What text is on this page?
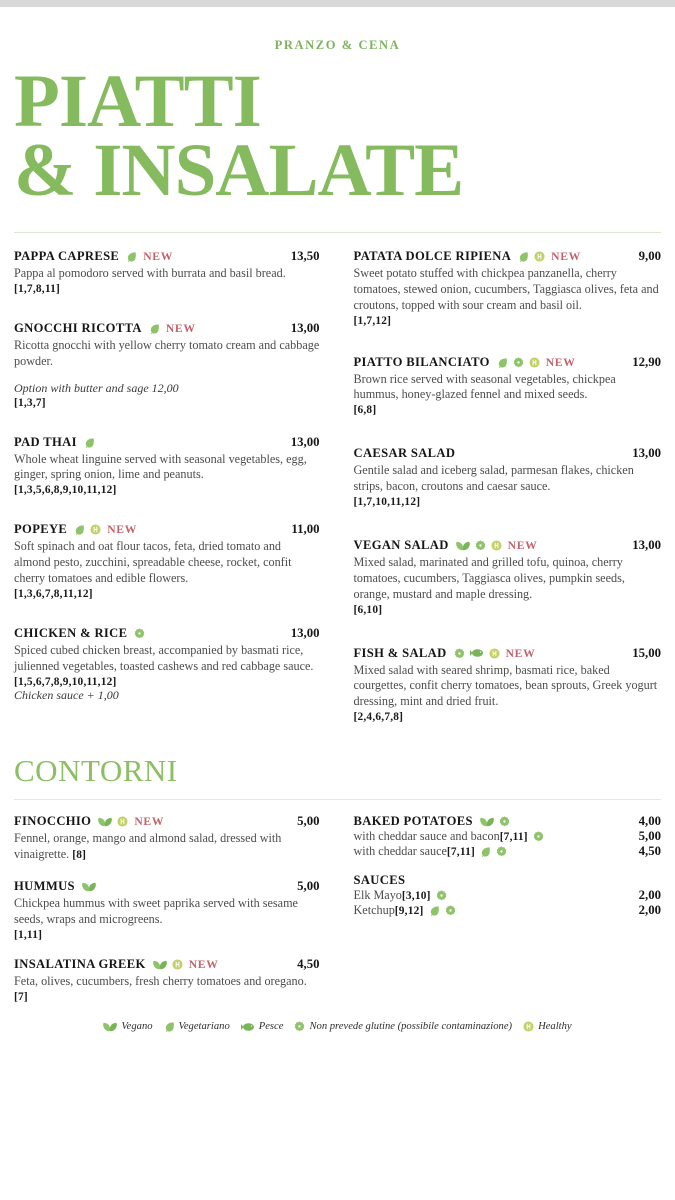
PRANZO & CENA
PIATTI
& INSALATE
PAPPA CAPRESE NEW	13,50
Pappa al pomodoro served with burrata and basil bread.
[1,7,8,11]
GNOCCHI RICOTTA NEW	13,00
Ricotta gnocchi with yellow cherry tomato cream and cabbage powder.
Option with butter and sage 12,00
[1,3,7]
PAD THAI	13,00
Whole wheat linguine served with seasonal vegetables, egg, ginger, spring onion, lime and peanuts.
[1,3,5,6,8,9,10,11,12]
POPEYE	NEW	11,00
Soft spinach and oat flour tacos, feta, dried tomato and almond pesto, zucchini, spreadable cheese, rocket, confit cherry tomatoes and edible flowers.
[1,3,6,7,8,11,12]
CHICKEN & RICE	13,00
Spiced cubed chicken breast, accompanied by basmati rice, julienned vegetables, toasted cashews and red cabbage sauce.
[1,5,6,7,8,9,10,11,12]
Chicken sauce + 1,00
PATATA DOLCE RIPIENA	NEW	9,00
Sweet potato stuffed with chickpea panzanella, cherry tomatoes, stewed onion, cucumbers, Taggiasca olives, feta and croutons, topped with sour cream and basil oil.
[1,7,12]
PIATTO BILANCIATO	NEW	12,90
Brown rice served with seasonal vegetables, chickpea hummus, honey-glazed fennel and mixed seeds.
[6,8]
CAESAR SALAD	13,00
Gentile salad and iceberg salad, parmesan flakes, chicken strips, bacon, croutons and caesar sauce.
[1,7,10,11,12]
VEGAN SALAD	NEW	13,00
Mixed salad, marinated and grilled tofu, quinoa, cherry tomatoes, cucumbers, Taggiasca olives, pumpkin seeds, orange, mustard and maple dressing.
[6,10]
FISH & SALAD	NEW	15,00
Mixed salad with seared shrimp, basmati rice, baked courgettes, confit cherry tomatoes, bean sprouts, Greek yogurt dressing, mint and dried fruit.
[2,4,6,7,8]
CONTORNI
FINOCCHIO	NEW	5,00
Fennel, orange, mango and almond salad, dressed with vinaigrette. [8]
HUMMUS	5,00
Chickpea hummus with sweet paprika served with sesame seeds, wraps and microgreens.
[1,11]
INSALATINA GREEK	NEW	4,50
Feta, olives, cucumbers, fresh cherry tomatoes and oregano. [7]
BAKED POTATOES	4,00
with cheddar sauce and bacon [7,11]	5,00
with cheddar sauce [7,11]	4,50
SAUCES
Elk Mayo [3,10]	2,00
Ketchup [9,12]	2,00
Vegano Vegetariano	Pesce Non prevede glutine (possibile contaminazione) Healthy
